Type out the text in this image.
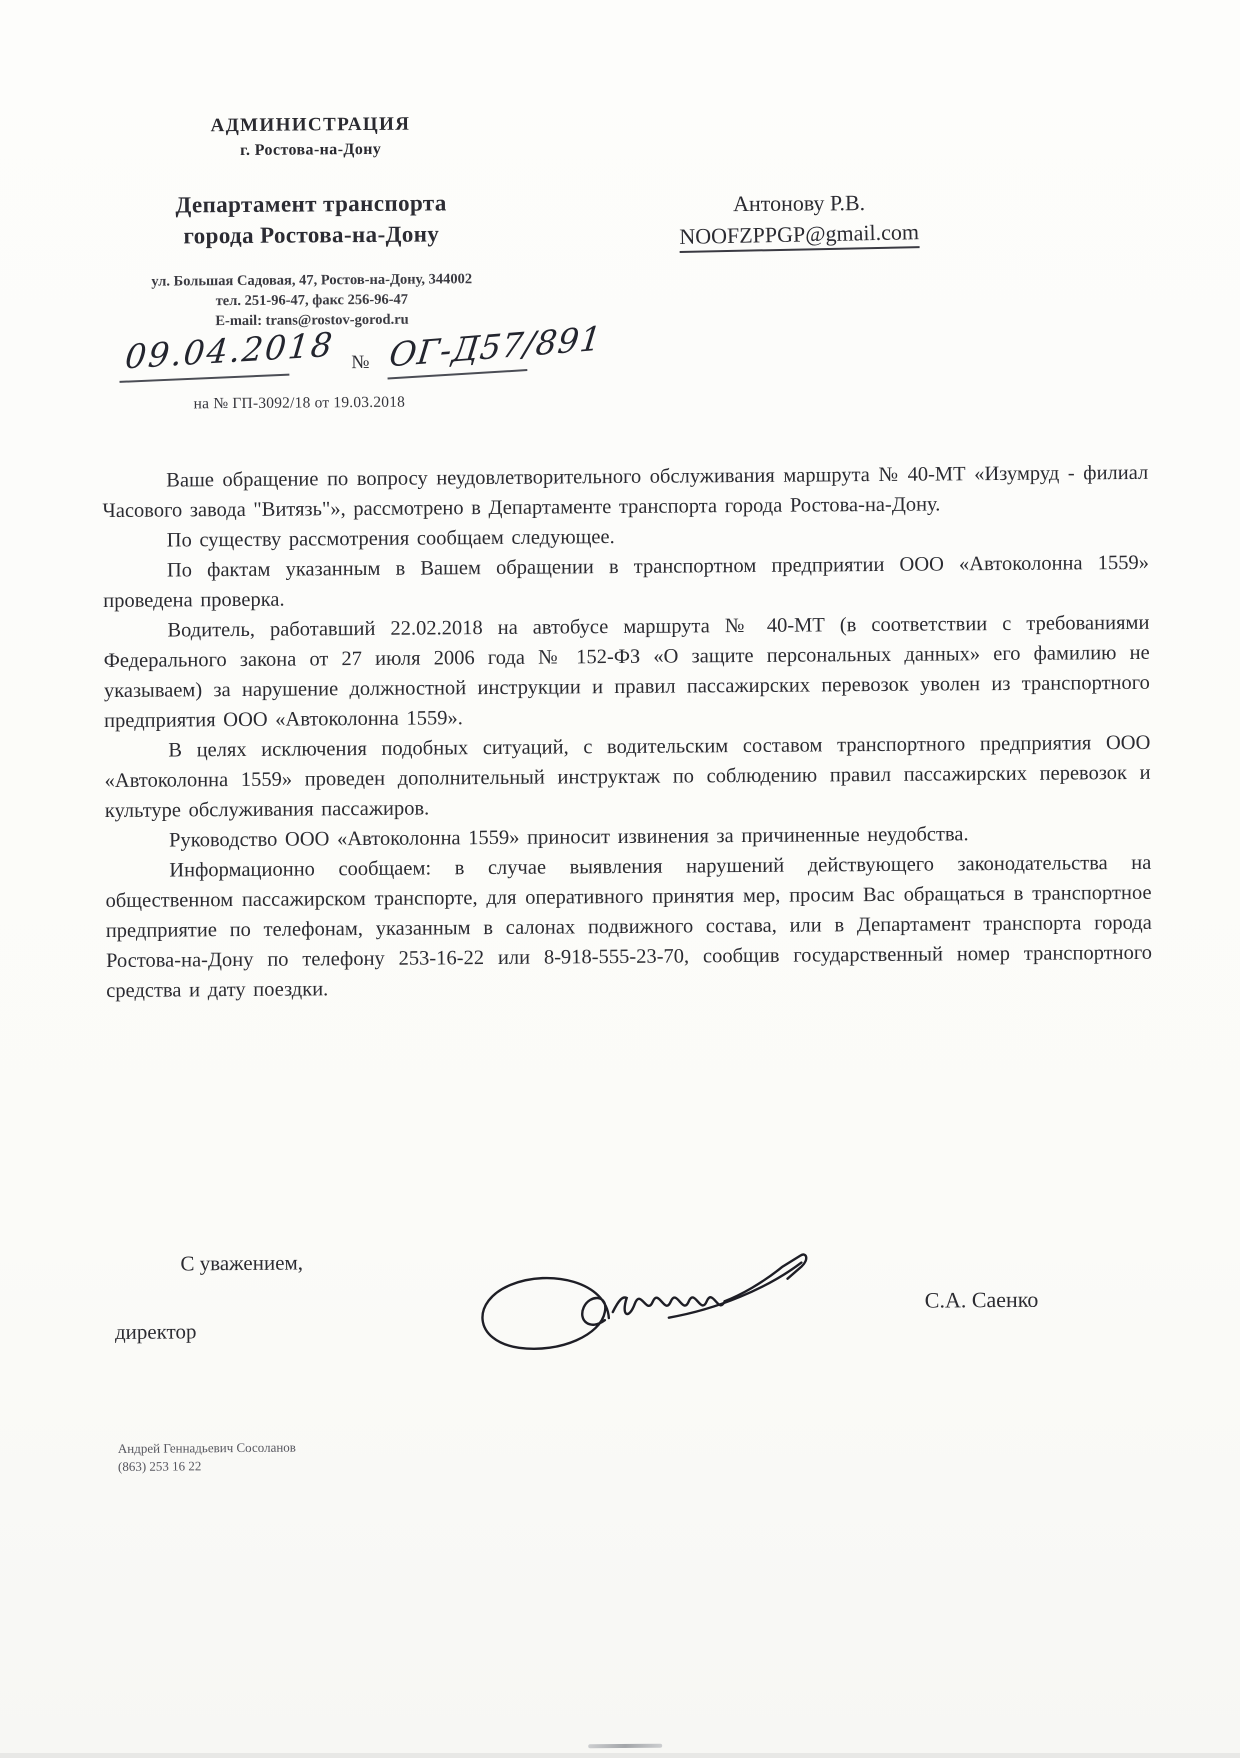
АДМИНИСТРАЦИЯ
г. Ростова-на-Дону
Департамент транспорта
города Ростова-на-Дону
Антонову Р.В.
NOOFZPPGP@gmail.com
ул. Большая Садовая, 47, Ростов-на-Дону, 344002
тел. 251-96-47, факс 256-96-47
E-mail: trans@rostov-gorod.ru
09.04.2018 № ОГ-Д57/891
на № ГП-3092/18 от 19.03.2018

Ваше обращение по вопросу неудовлетворительного обслуживания маршрута № 40-МТ «Изумруд - филиал Часового завода "Витязь"», рассмотрено в Департаменте транспорта города Ростова-на-Дону.

По существу рассмотрения сообщаем следующее.

По фактам указанным в Вашем обращении в транспортном предприятии ООО «Автоколонна 1559» проведена проверка.

Водитель, работавший 22.02.2018 на автобусе маршрута № 40-МТ (в соответствии с требованиями Федерального закона от 27 июля 2006 года № 152-ФЗ «О защите персональных данных» его фамилию не указываем) за нарушение должностной инструкции и правил пассажирских перевозок уволен из транспортного предприятия ООО «Автоколонна 1559».

В целях исключения подобных ситуаций, с водительским составом транспортного предприятия ООО «Автоколонна 1559» проведен дополнительный инструктаж по соблюдению правил пассажирских перевозок и культуре обслуживания пассажиров.

Руководство ООО «Автоколонна 1559» приносит извинения за причиненные неудобства.

Информационно сообщаем: в случае выявления нарушений действующего законодательства на общественном пассажирском транспорте, для оперативного принятия мер, просим Вас обращаться в транспортное предприятие по телефонам, указанным в салонах подвижного состава, или в Департамент транспорта города Ростова-на-Дону по телефону 253-16-22 или 8-918-555-23-70, сообщив государственный номер транспортного средства и дату поездки.

С уважением,
директор
С.А. Саенко
Андрей Геннадьевич Сосоланов
(863) 253 16 22
